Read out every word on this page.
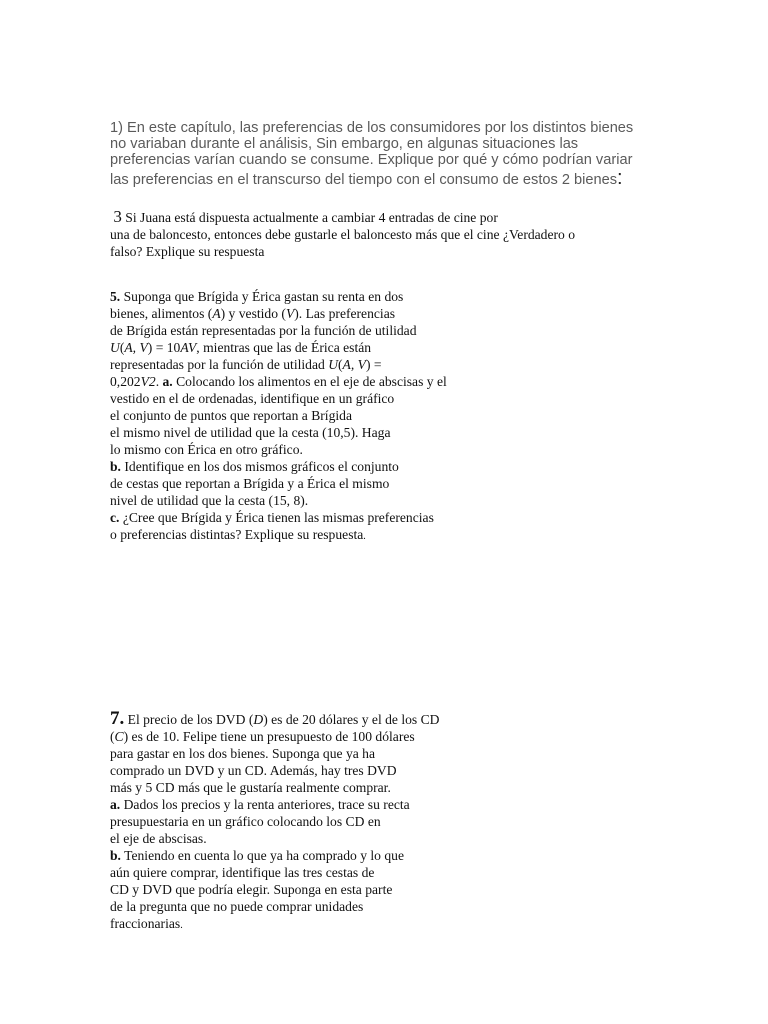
1) En este capítulo, las preferencias de los consumidores por los distintos bienes
no variaban durante el análisis, Sin embargo, en algunas situaciones las
preferencias varían cuando se consume. Explique por qué y cómo podrían variar
las preferencias en el transcurso del tiempo con el consumo de estos 2 bienes:
3 Si Juana está dispuesta actualmente a cambiar 4 entradas de cine por
una de baloncesto, entonces debe gustarle el baloncesto más que el cine ¿Verdadero o
falso? Explique su respuesta
5. Suponga que Brígida y Érica gastan su renta en dos
bienes, alimentos (A) y vestido (V). Las preferencias
de Brígida están representadas por la función de utilidad
U(A, V) = 10AV, mientras que las de Érica están
representadas por la función de utilidad U(A, V) =
0,202V2. a. Colocando los alimentos en el eje de abscisas y el
vestido en el de ordenadas, identifique en un gráfico
el conjunto de puntos que reportan a Brígida
el mismo nivel de utilidad que la cesta (10,5). Haga
lo mismo con Érica en otro gráfico.
b. Identifique en los dos mismos gráficos el conjunto
de cestas que reportan a Brígida y a Érica el mismo
nivel de utilidad que la cesta (15, 8).
c. ¿Cree que Brígida y Érica tienen las mismas preferencias
o preferencias distintas? Explique su respuesta.
7. El precio de los DVD (D) es de 20 dólares y el de los CD
(C) es de 10. Felipe tiene un presupuesto de 100 dólares
para gastar en los dos bienes. Suponga que ya ha
comprado un DVD y un CD. Además, hay tres DVD
más y 5 CD más que le gustaría realmente comprar.
a. Dados los precios y la renta anteriores, trace su recta
presupuestaria en un gráfico colocando los CD en
el eje de abscisas.
b. Teniendo en cuenta lo que ya ha comprado y lo que
aún quiere comprar, identifique las tres cestas de
CD y DVD que podría elegir. Suponga en esta parte
de la pregunta que no puede comprar unidades
fraccionarias.
